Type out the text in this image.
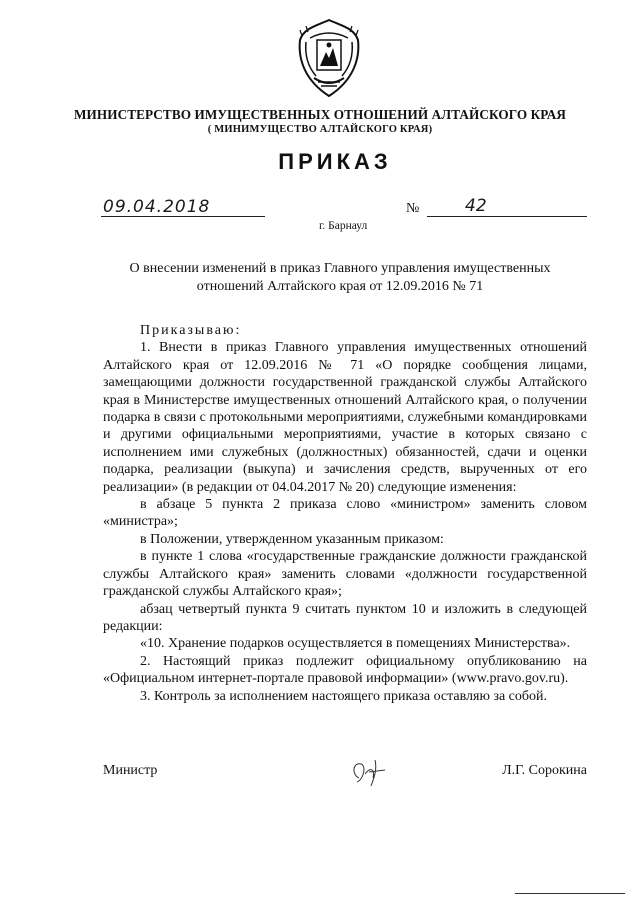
МИНИСТЕРСТВО ИМУЩЕСТВЕННЫХ ОТНОШЕНИЙ АЛТАЙСКОГО КРАЯ
( МИНИМУЩЕСТВО АЛТАЙСКОГО КРАЯ)
ПРИКАЗ
09.04.2018	№	42
г. Барнаул
О внесении изменений в приказ Главного управления имущественных
отношений Алтайского края от 12.09.2016 № 71

Приказываю:

1. Внести в приказ Главного управления имущественных отношений Алтайского края от 12.09.2016 № 71 «О порядке сообщения лицами, замещающими должности государственной гражданской службы Алтайского края в Министерстве имущественных отношений Алтайского края, о получении подарка в связи с протокольными мероприятиями, служебными командировками и другими официальными мероприятиями, участие в которых связано с исполнением ими служебных (должностных) обязанностей, сдачи и оценки подарка, реализации (выкупа) и зачисления средств, вырученных от его реализации» (в редакции от 04.04.2017 № 20) следующие изменения:

в абзаце 5 пункта 2 приказа слово «министром» заменить словом «министра»;

в Положении, утвержденном указанным приказом:

в пункте 1 слова «государственные гражданские должности гражданской службы Алтайского края» заменить словами «должности государственной гражданской службы Алтайского края»;

абзац четвертый пункта 9 считать пунктом 10 и изложить в следующей редакции:

«10. Хранение подарков осуществляется в помещениях Министерства».

2. Настоящий приказ подлежит официальному опубликованию на «Официальном интернет-портале правовой информации» (www.pravo.gov.ru).

3. Контроль за исполнением настоящего приказа оставляю за собой.

Министр	Л.Г. Сорокина
